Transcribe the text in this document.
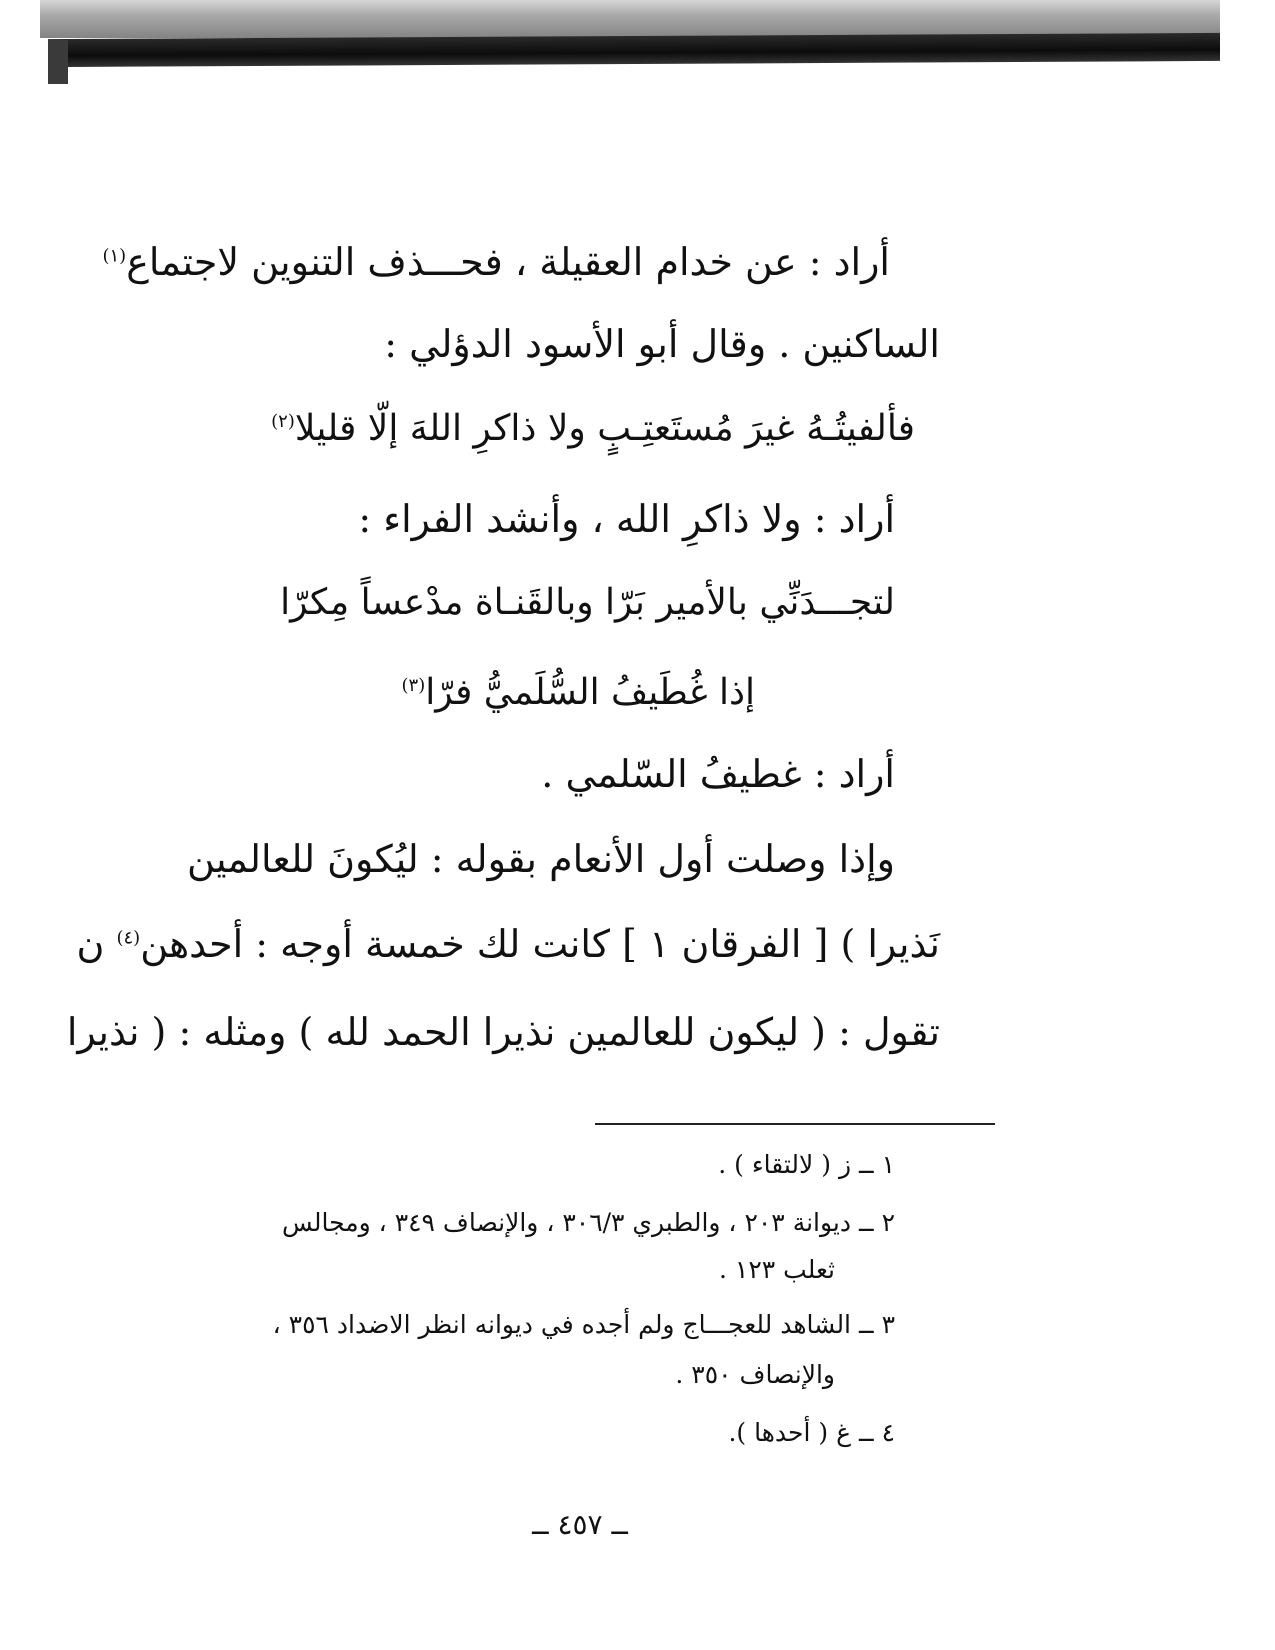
أراد : عن خدام العقيلة ، فحـــذف التنوين لاجتماع$^{(١)}$
الساكنين . وقال أبو الأسود الدؤلي :
فألفيتُـهُ غيرَ مُستَعتِـبٍ ولا ذاكرِ اللهَ إلّا قليلا$^{(٢)}$
أراد : ولا ذاكرِ الله ، وأنشد الفراء :
لتجـــدَنِّي بالأمير بَرّا وبالقَنـاة مدْعساً مِكرّا
إذا غُطَيفُ السُّلَميُّ فرّا$^{(٣)}$
أراد : غطيفُ السّلمي .
وإذا وصلت أول الأنعام بقوله : ليُكونَ للعالمين
نَذيرا ) [ الفرقان ١ ] كانت لك خمسة أوجه : أحدهن$^{(٤)}$ ن
تقول : ( ليكون للعالمين نذيرا الحمد لله ) ومثله : ( نذيرا
١ ــ ز ( لالتقاء ) .
٢ ــ ديوانة ٢٠٣ ، والطبري ٣٠٦/٣ ، والإنصاف ٣٤٩ ، ومجالس
ثعلب ١٢٣ .
٣ ــ الشاهد للعجـــاج ولم أجده في ديوانه انظر الاضداد ٣٥٦ ،
والإنصاف ٣٥٠ .
٤ ــ غ ( أحدها ).
ــ ٤٥٧ ــ
